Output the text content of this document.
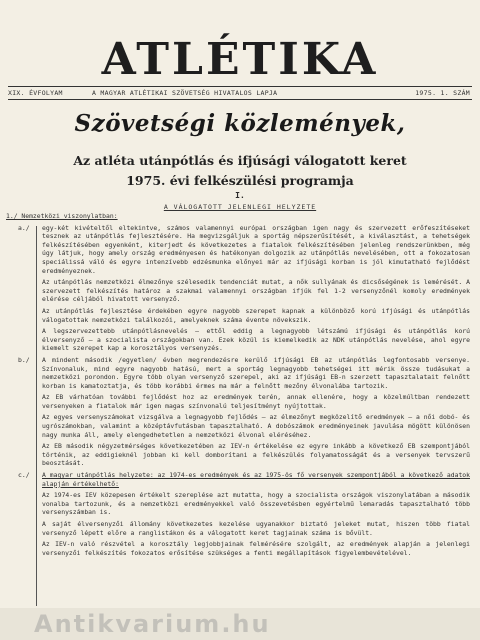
ATLÉTIKA
XIX. ÉVFOLYAM	A MAGYAR ATLÉTIKAI SZÖVETSÉG HIVATALOS LAPJA	1975. 1. SZÁM
Szövetségi közlemények,
Az atléta utánpótlás és ifjúsági válogatott keret
1975. évi felkészülési programja
I.
A VÁLOGATOTT JELENLEGI HELYZETE
1./ Nemzetközi viszonylatban:
a./ egy-két kivételtől eltekintve, számos valamennyi európai országban igen nagy és szervezett erőfeszítéseket tesznek az utánpótlás fejlesztésére. Ha megvizsgáljuk a sportág népszerűsítését, a kiválasztást, a tehetségek felkészítésében egyenként, kiterjedt és következetes a fiatalok felkészítésében jelenleg rendszerünkben, még úgy látjuk, hogy amely ország eredményesen és hatékonyan dolgozik az utánpótlás nevelésében, ott a fokozatosan speciálissá váló és egyre intenzívebb edzésmunka előnyei már az ifjúsági korban is jól kimutatható fejlődést eredményeznek.
Az utánpótlás nemzetközi élmezőnye szélesedik tendenciát mutat, a nők sullyának és dicsőségének is lemérését. A szervezett felkészítés határoz a szakmai valamennyi országban ifjúk fel 1-2 versenyzőnél komoly eredmények elérése céljából hivatott versenyző.
Az utánpótlás fejlesztése érdekében egyre nagyobb szerepet kapnak a különböző korú ifjúsági és utánpótlás válogatottak nemzetközi találkozói, amelyeknek száma évente növekszik.
A legszervezettebb utánpótlásnevelés — ettől eddig a legnagyobb létszámú ifjúsági és utánpótlás korú élversenyző — a szocialista országokban van. Ezek közül is kiemelkedik az NDK utánpótlás nevelése, ahol egyre kiemelt szerepet kap a korosztályos versenyzés.
b./ A mindent második /egyetlen/ évben megrendezésre kerülő ifjúsági EB az utánpótlás legfontosabb versenye. Színvonaluk, mind egyre nagyobb hatású, mert a sportág legnagyobb tehetségei itt mérik össze tudásukat a nemzetközi porondon. Egyre több olyan versenyző szerepel, aki az ifjúsági EB-n szerzett tapasztalatait felnőtt korban is kamatoztatja, és több korábbi érmes ma már a felnőtt mezőny élvonalába tartozik.
Az EB várhatóan további fejlődést hoz az eredmények terén, annak ellenére, hogy a közelmúltban rendezett versenyeken a fiatalok már igen magas színvonalú teljesítményt nyújtottak.
Az egyes versenyszámokat vizsgálva a legnagyobb fejlődés — az élmezőnyt megközelítő eredmények — a női dobó- és ugrószámokban, valamint a középtávfutásban tapasztalható. A dobószámok eredményeinek javulása mögött különösen nagy munka áll, amely elengedhetetlen a nemzetközi élvonal eléréséhez.
Az EB második négyzetmérséges következetében az IEV-n értékelése ez egyre inkább a következő EB szempontjából történik, az eddigieknél jobban ki kell domborítani a felkészülés folyamatosságát és a versenyek tervszerű beosztását.
c./ A magyar utánpótlás helyzete: az 1974-es eredmények és az 1975-ös fő versenyek szempontjából a következő adatok alapján értékelhető:
Az 1974-es IEV közepesen értékelt szereplése azt mutatta, hogy a szocialista országok viszonylatában a második vonalba tartozunk, és a nemzetközi eredményekkel való összevetésben egyértelmű lemaradás tapasztalható több versenyszámban is.
A saját élversenyzői állomány következetes kezelése ugyanakkor biztató jeleket mutat, hiszen több fiatal versenyző lépett előre a ranglistákon és a válogatott keret tagjainak száma is bővült.
Az IEV-n való részvétel a korosztály legjobbjainak felmérésére szolgált, az eredmények alapján a jelenlegi versenyzői felkészítés fokozatos erősítése szükséges a fenti megállapítások figyelembevételével.
Antikvarium.hu
